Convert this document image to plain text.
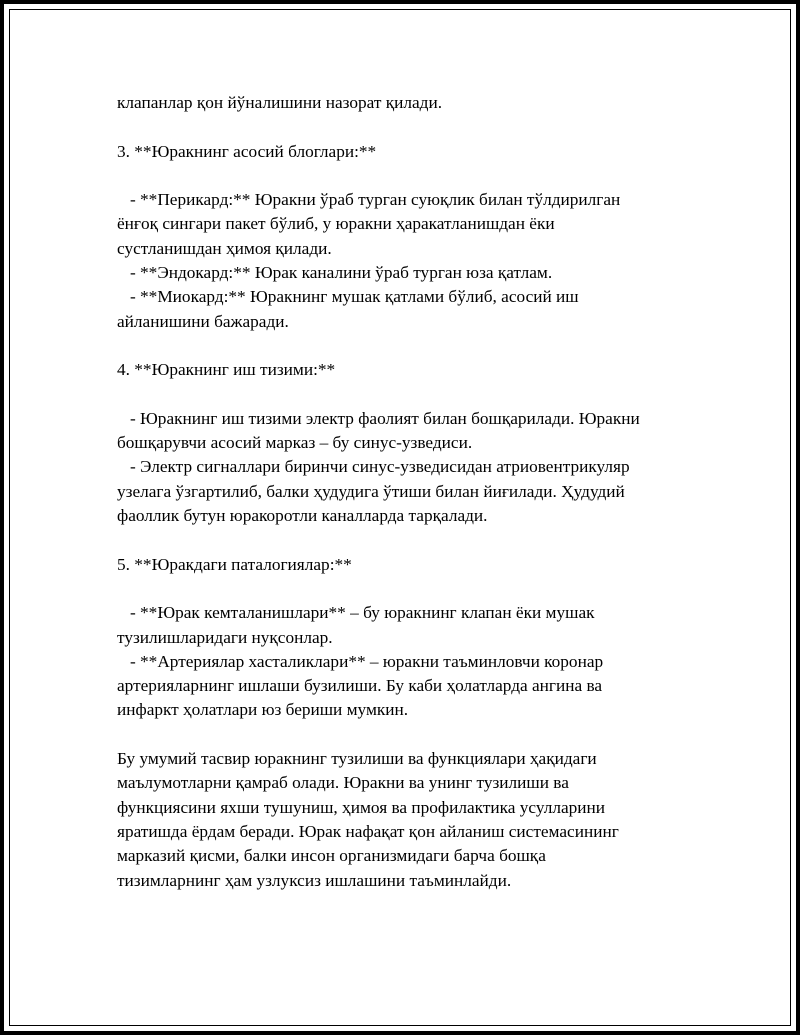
клапанлар қон йўналишини назорат қилади.
3. **Юракнинг асосий блоглари:**
- **Перикард:** Юракни ўраб турган суюқлик билан тўлдирилган
ёнғоқ сингари пакет бўлиб, у юракни ҳаракатланишдан ёки
сустланишдан ҳимоя қилади.
- **Эндокард:** Юрак каналини ўраб турган юза қатлам.
- **Миокард:** Юракнинг мушак қатлами бўлиб, асосий иш
айланишини бажаради.
4. **Юракнинг иш тизими:**
- Юракнинг иш тизими электр фаолият билан бошқарилади. Юракни
бошқарувчи асосий марказ – бу синус-узведиси.
- Электр сигналлари биринчи синус-узведисидан атриовентрикуляр
узелага ўзгартилиб, балки ҳудудига ўтиши билан йиғилади. Ҳудудий
фаоллик бутун юракоротли каналларда тарқалади.
5. **Юракдаги паталогиялар:**
- **Юрак кемталанишлари** – бу юракнинг клапан ёки мушак
тузилишларидаги нуқсонлар.
- **Артериялар хасталиклари** – юракни таъминловчи коронар
артерияларнинг ишлаши бузилиши. Бу каби ҳолатларда ангина ва
инфаркт ҳолатлари юз бериши мумкин.
Бу умумий тасвир юракнинг тузилиши ва функциялари ҳақидаги
маълумотларни қамраб олади. Юракни ва унинг тузилиши ва
функциясини яхши тушуниш, ҳимоя ва профилактика усулларини
яратишда ёрдам беради. Юрак нафақат қон айланиш системасининг
марказий қисми, балки инсон организмидаги барча бошқа
тизимларнинг ҳам узлуксиз ишлашини таъминлайди.
